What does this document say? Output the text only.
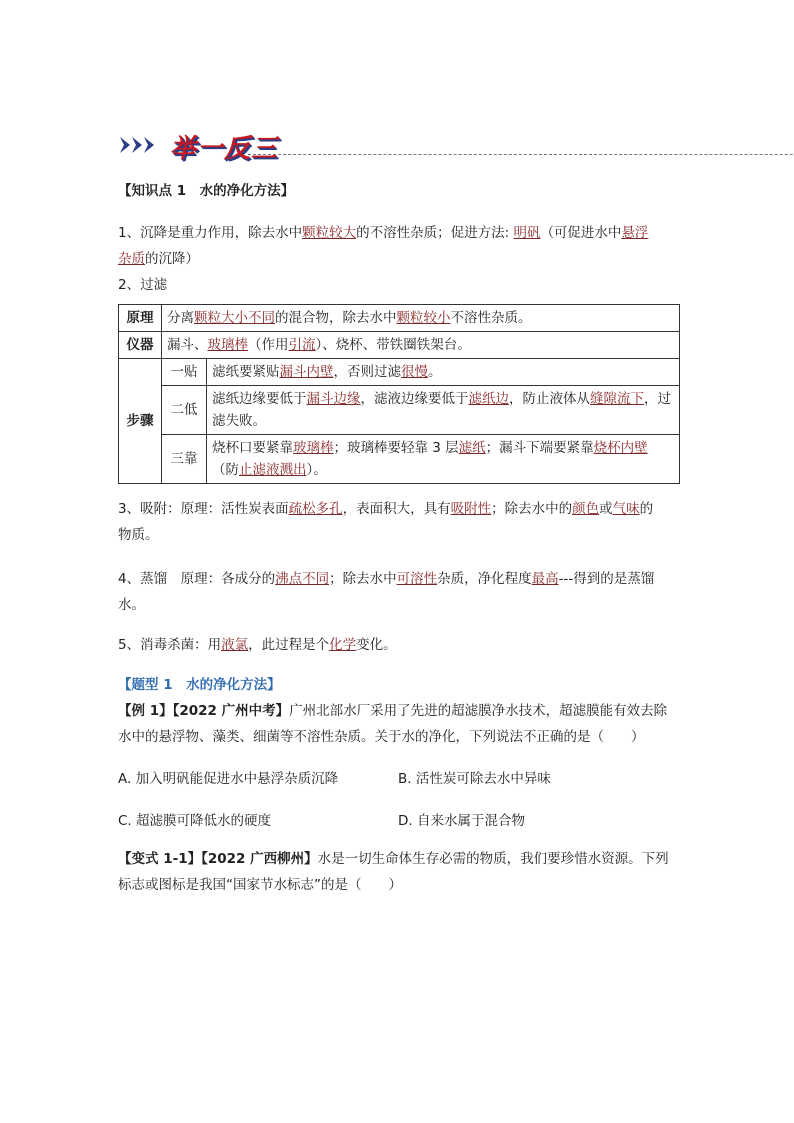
举一反三
【知识点 1　水的净化方法】
1、沉降是重力作用，除去水中颗粒较大的不溶性杂质；促进方法: 明矾（可促进水中悬浮
杂质的沉降）
2、过滤
原理	分离颗粒大小不同的混合物，除去水中颗粒较小不溶性杂质。	
仪器	漏斗、玻璃棒（作用引流）、烧杯、带铁圈铁架台。	
步骤	一贴	滤纸要紧贴漏斗内壁，否则过滤很慢。
	二低	滤纸边缘要低于漏斗边缘，滤液边缘要低于滤纸边，防止液体从缝隙流下，过滤失败。
	三靠	烧杯口要紧靠玻璃棒；玻璃棒要轻靠 3 层滤纸；漏斗下端要紧靠烧杯内壁（防止滤液溅出）。
3、吸附：原理：活性炭表面疏松多孔，表面积大，具有吸附性；除去水中的颜色或气味的
物质。
4、蒸馏　原理：各成分的沸点不同；除去水中可溶性杂质，净化程度最高---得到的是蒸馏
水。
5、消毒杀菌：用液氯，此过程是个化学变化。
【题型 1　水的净化方法】
【例 1】【2022 广州中考】广州北部水厂采用了先进的超滤膜净水技术，超滤膜能有效去除
水中的悬浮物、藻类、细菌等不溶性杂质。关于水的净化，下列说法不正确的是（　　）
A. 加入明矾能促进水中悬浮杂质沉降	B. 活性炭可除去水中异味
C. 超滤膜可降低水的硬度	D. 自来水属于混合物
【变式 1-1】【2022 广西柳州】水是一切生命体生存必需的物质，我们要珍惜水资源。下列
标志或图标是我国“国家节水标志”的是（　　）
